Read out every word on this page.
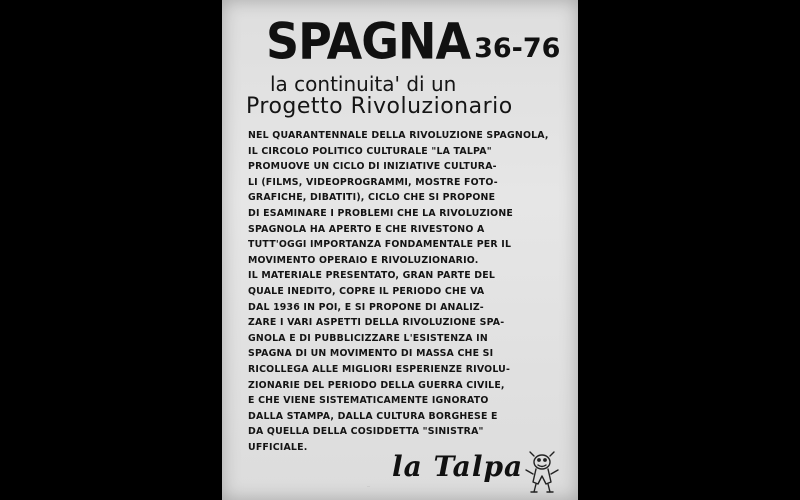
SPAGNA 36-76
la continuita' di un
Progetto Rivoluzionario
NEL QUARANTENNALE DELLA RIVOLUZIONE SPAGNOLA,
IL CIRCOLO POLITICO CULTURALE "LA TALPA"
PROMUOVE UN CICLO DI INIZIATIVE CULTURA-
LI (FILMS, VIDEOPROGRAMMI, MOSTRE FOTO-
GRAFICHE, DIBATITI), CICLO CHE SI PROPONE
DI ESAMINARE I PROBLEMI CHE LA RIVOLUZIONE
SPAGNOLA HA APERTO E CHE RIVESTONO A
TUTT'OGGI IMPORTANZA FONDAMENTALE PER IL
MOVIMENTO OPERAIO E RIVOLUZIONARIO.
IL MATERIALE PRESENTATO, GRAN PARTE DEL
QUALE INEDITO, COPRE IL PERIODO CHE VA
DAL 1936 IN POI, E SI PROPONE DI ANALIZ-
ZARE I VARI ASPETTI DELLA RIVOLUZIONE SPA-
GNOLA E DI PUBBLICIZZARE L'ESISTENZA IN
SPAGNA DI UN MOVIMENTO DI MASSA CHE SI
RICOLLEGA ALLE MIGLIORI ESPERIENZE RIVOLU-
ZIONARIE DEL PERIODO DELLA GUERRA CIVILE,
E CHE VIENE SISTEMATICAMENTE IGNORATO
DALLA STAMPA, DALLA CULTURA BORGHESE E
DA QUELLA DELLA COSIDDETTA "SINISTRA"
UFFICIALE.
la Talpa
...
